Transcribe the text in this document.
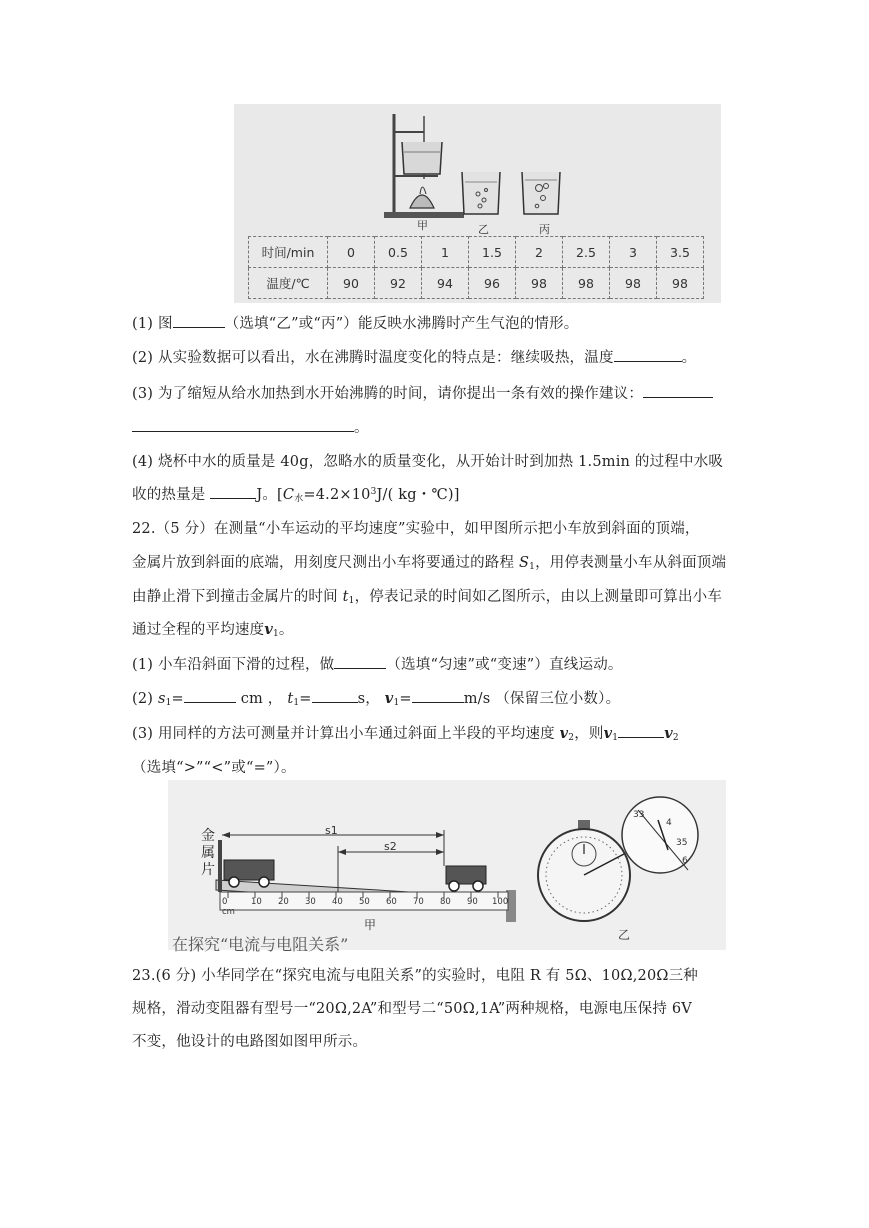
甲	乙	丙
时间/min	0	0.5	1	1.5	2	2.5	3	3.5
温度/℃	90	92	94	96	98	98	98	98
(1) 图	（选填“乙”或“丙”）能反映水沸腾时产生气泡的情形。
(2) 从实验数据可以看出，水在沸腾时温度变化的特点是：继续吸热，温度	。
(3) 为了缩短从给水加热到水开始沸腾的时间，请你提出一条有效的操作建议：
。
(4) 烧杯中水的质量是 40g，忽略水的质量变化，从开始计时到加热 1.5min 的过程中水吸
收的热量是	J。[$C_水=4.2\times 10^3J/$( kg・℃)]
22.（5 分）在测量“小车运动的平均速度”实验中，如甲图所示把小车放到斜面的顶端，
金属片放到斜面的底端，用刻度尺测出小车将要通过的路程 $S_1$，用停表测量小车从斜面顶端
由静止滑下到撞击金属片的时间 $t_1$，停表记录的时间如乙图所示，由以上测量即可算出小车
通过全程的平均速度$v_1$。
(1) 小车沿斜面下滑的过程，做	（选填“匀速”或“变速”）直线运动。
(2) $s_1=$	cm ， $t_1=$	s， $v_1=$	m/s （保留三位小数）。
(3) 用同样的方法可测量并计算出小车通过斜面上半段的平均速度 $v_2$，则$v_1$	$v_2$
（选填“>”“<”或“=”）。
金
属
片
s1
s2
0 cm
10 20 30 40 50 60 70 80 90 100
甲
乙
33
4
35
6
在探究“电流与电阻关系”
23.(6 分) 小华同学在“探究电流与电阻关系”的实验时，电阻 R 有 5Ω、10Ω,20Ω三种
规格，滑动变阻器有型号一“20Ω,2A”和型号二“50Ω,1A”两种规格，电源电压保持 6V
不变，他设计的电路图如图甲所示。
